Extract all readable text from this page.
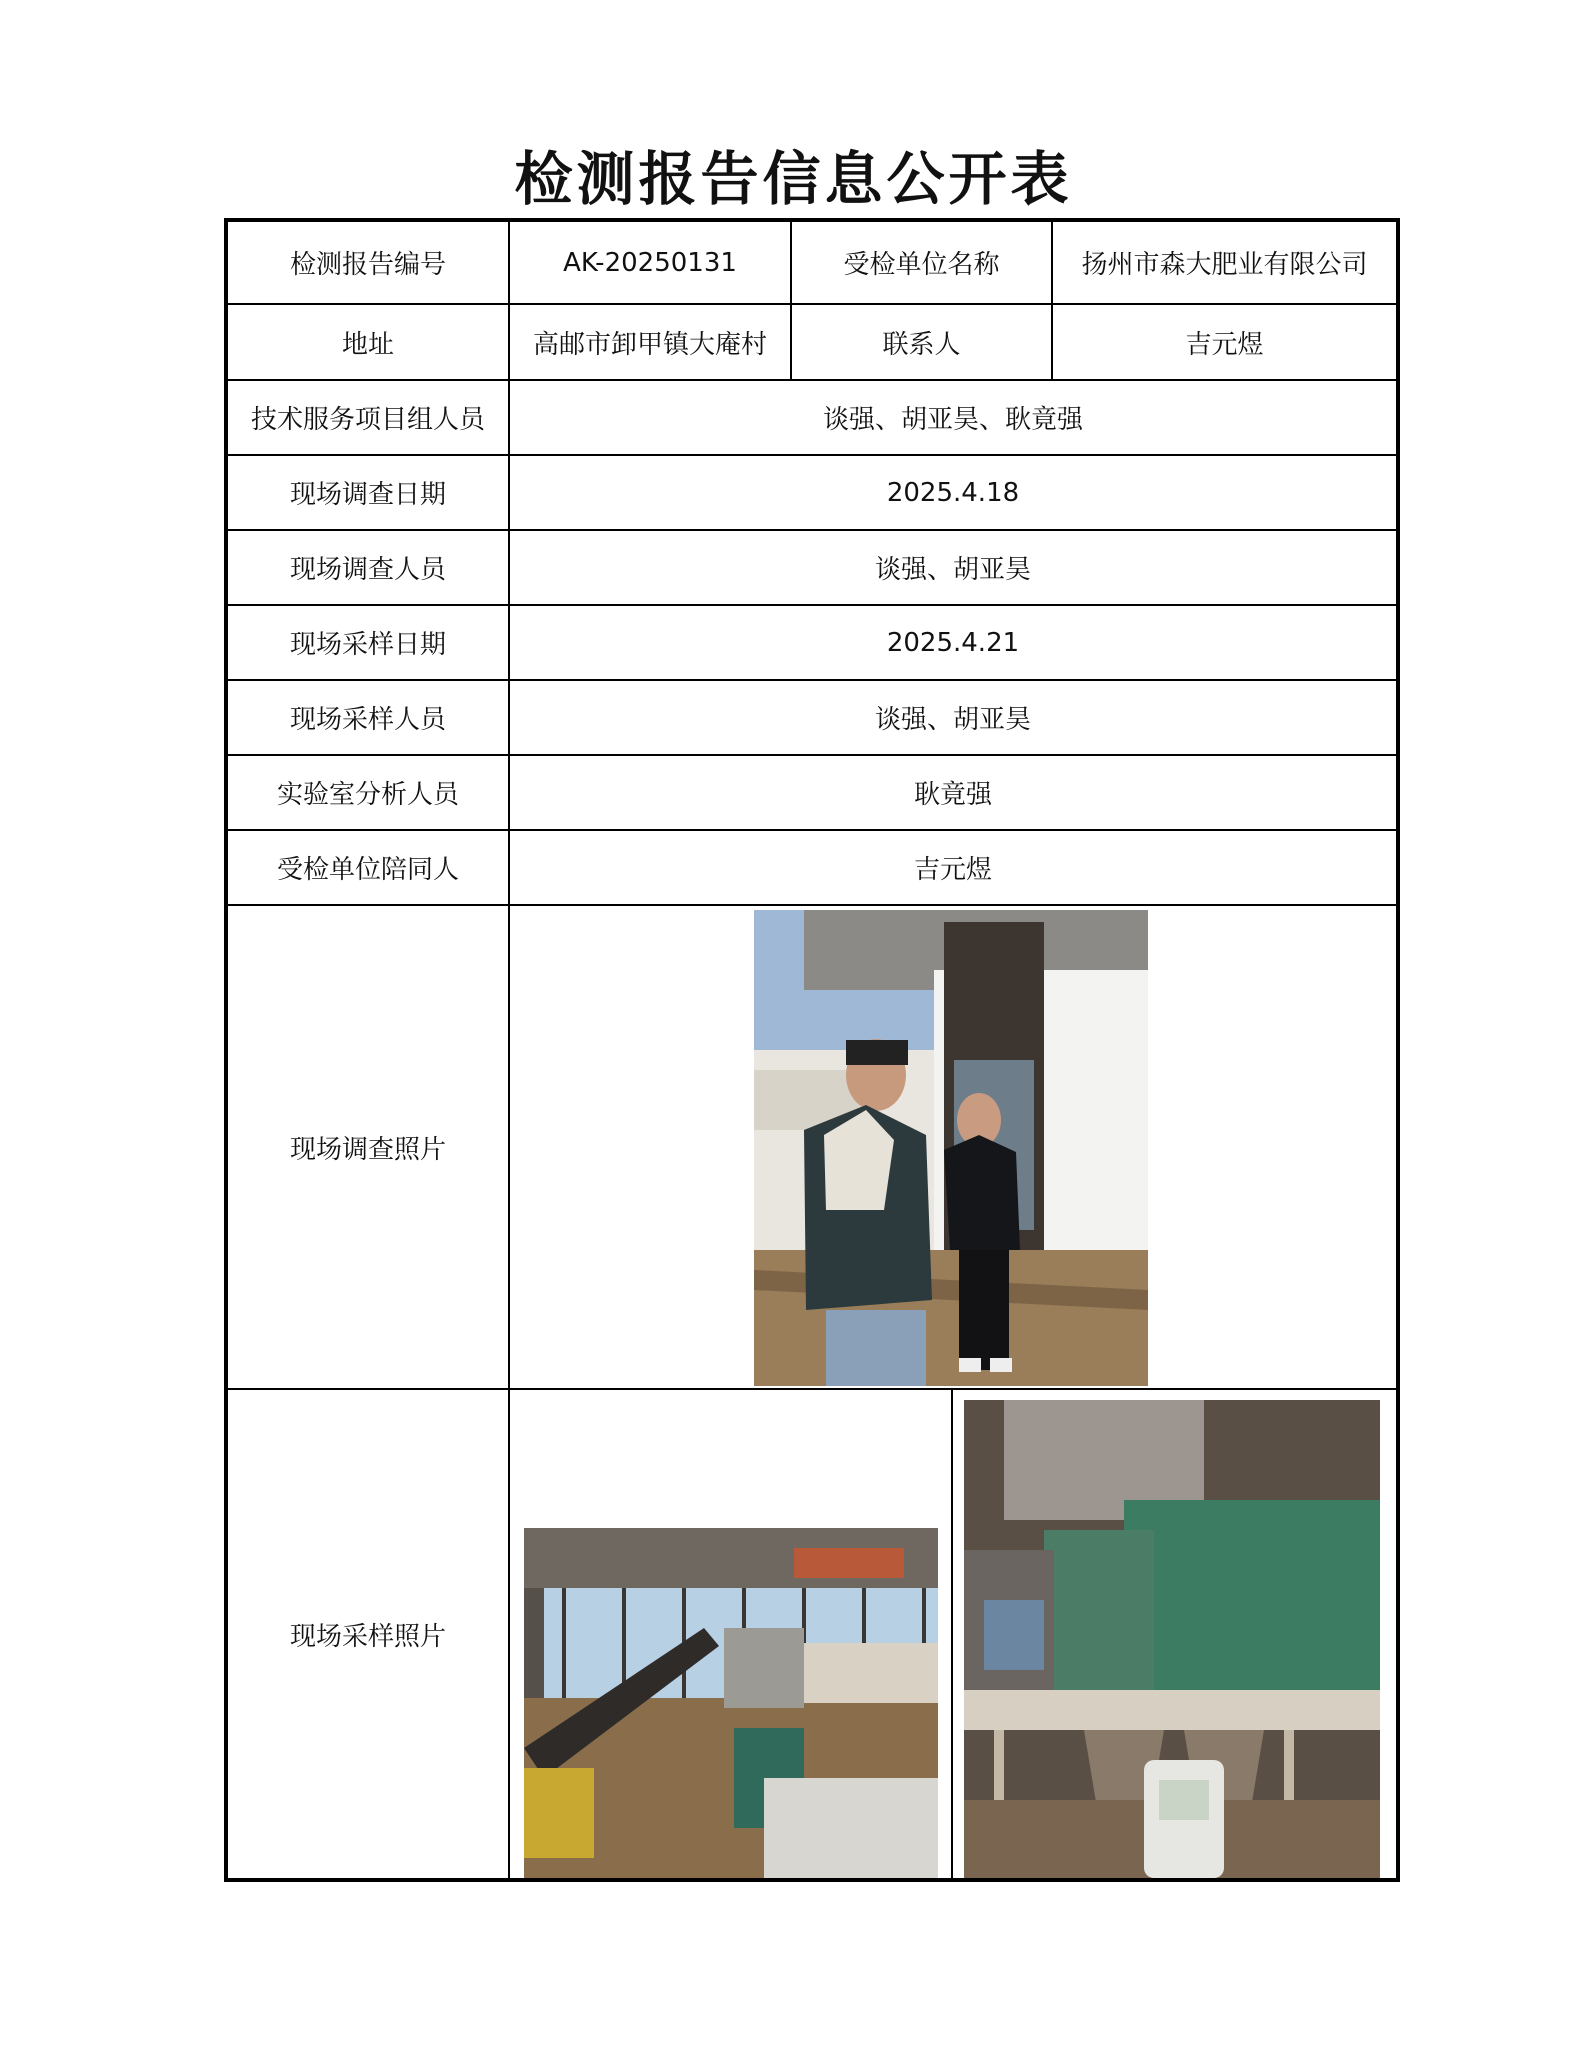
检测报告信息公开表
检测报告编号	AK-20250131	受检单位名称	扬州市森大肥业有限公司
地址	高邮市卸甲镇大庵村	联系人	吉元煜
技术服务项目组人员	谈强、胡亚昊、耿竟强
现场调查日期	2025.4.18
现场调查人员	谈强、胡亚昊
现场采样日期	2025.4.21
现场采样人员	谈强、胡亚昊
实验室分析人员	耿竟强
受检单位陪同人	吉元煜
现场调查照片
现场采样照片
